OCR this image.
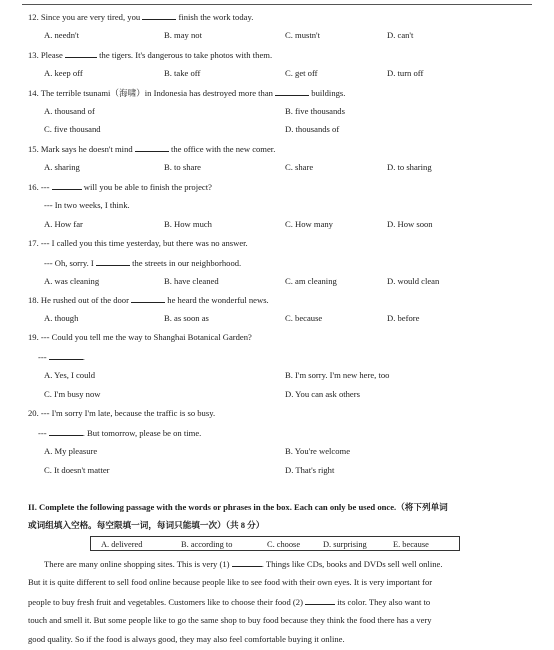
12. Since you are very tired, you	finish the work today.
A. needn't	B. may not	C. mustn't	D. can't
13. Please	the tigers. It's dangerous to take photos with them.
A. keep off	B. take off	C. get off	D. turn off
14. The terrible tsunami（海啸）in Indonesia has destroyed more than	buildings.
A. thousand of	B. five thousands
C. five thousand	D. thousands of
15. Mark says he doesn't mind	the office with the new comer.
A. sharing	B. to share	C. share	D. to sharing
16. ---	will you be able to finish the project?
--- In two weeks, I think.
A. How far	B. How much	C. How many	D. How soon
17. --- I called you this time yesterday, but there was no answer.
--- Oh, sorry. I	the streets in our neighborhood.
A. was cleaning	B. have cleaned	C. am cleaning	D. would clean
18. He rushed out of the door	he heard the wonderful news.
A. though	B. as soon as	C. because	D. before
19. --- Could you tell me the way to Shanghai Botanical Garden?
---	.
A. Yes, I could	B. I'm sorry. I'm new here, too
C. I'm busy now	D. You can ask others
20. --- I'm sorry I'm late, because the traffic is so busy.
---	. But tomorrow, please be on time.
A. My pleasure	B. You're welcome
C. It doesn't matter	D. That's right
II. Complete the following passage with the words or phrases in the box. Each can only be used once.（将下列单词
或词组填入空格。每空限填一词，每词只能填一次）（共 8 分）
A. delivered	B. according to	C. choose	D. surprising	E. because
There are many online shopping sites. This is very (1)	. Things like CDs, books and DVDs sell well online.
But it is quite different to sell food online because people like to see food with their own eyes. It is very important for
people to buy fresh fruit and vegetables. Customers like to choose their food (2)	its color. They also want to
touch and smell it. But some people like to go the same shop to buy food because they think the food there has a very
good quality. So if the food is always good, they may also feel comfortable buying it online.
